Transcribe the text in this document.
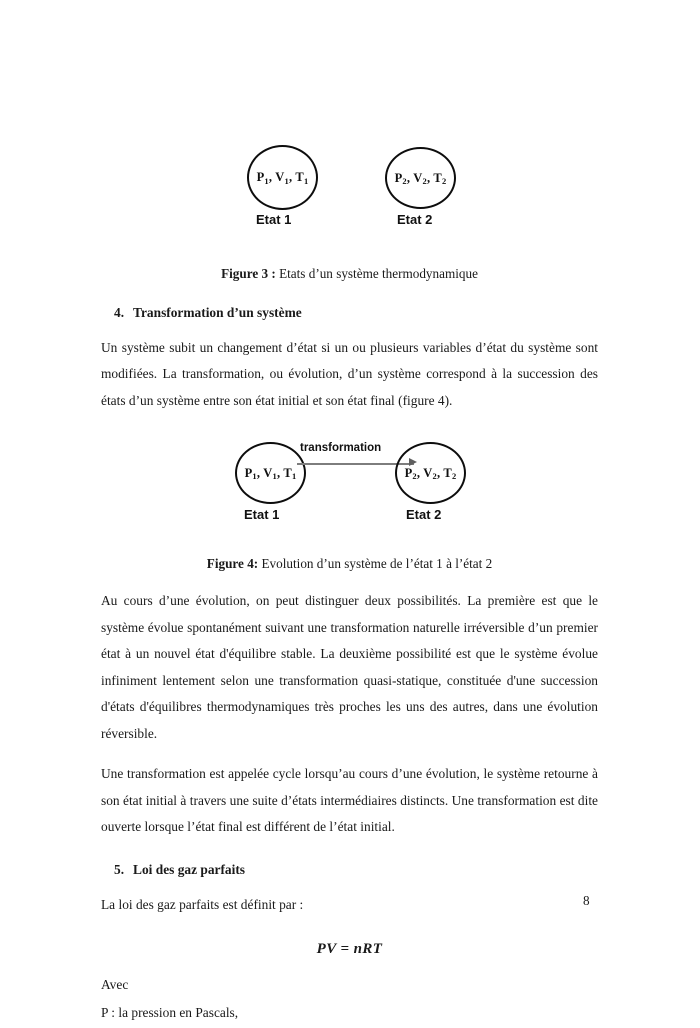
$P_1$, $V_1$, $T_1$	$P_2$, $V_2$, $T_2$
Etat 1	Etat 2
Figure 3 : Etats d’un système thermodynamique
4. Transformation d’un système

Un système subit un changement d’état si un ou plusieurs variables d’état du système sont modifiées. La transformation, ou évolution, d’un système correspond à la succession des états d’un système entre son état initial et son état final (figure 4).

$P_1$, $V_1$, $T_1$
transformation
$P_2$, $V_2$, $T_2$
Etat 1	Etat 2
Figure 4: Evolution d’un système de l’état 1 à l’état 2

Au cours d’une évolution, on peut distinguer deux possibilités. La première est que le système évolue spontanément suivant une transformation naturelle irréversible d’un premier état à un nouvel état d'équilibre stable. La deuxième possibilité est que le système évolue infiniment lentement selon une transformation quasi-statique, constituée d'une succession d'états d'équilibres thermodynamiques très proches les uns des autres, dans une évolution réversible.

Une transformation est appelée cycle lorsqu’au cours d’une évolution, le système retourne à son état initial à travers une suite d’états intermédiaires distincts. Une transformation est dite ouverte lorsque l’état final est différent de l’état initial.

5. Loi des gaz parfaits
La loi des gaz parfaits est définit par :
PV = nRT
Avec
P : la pression en Pascals,
8
